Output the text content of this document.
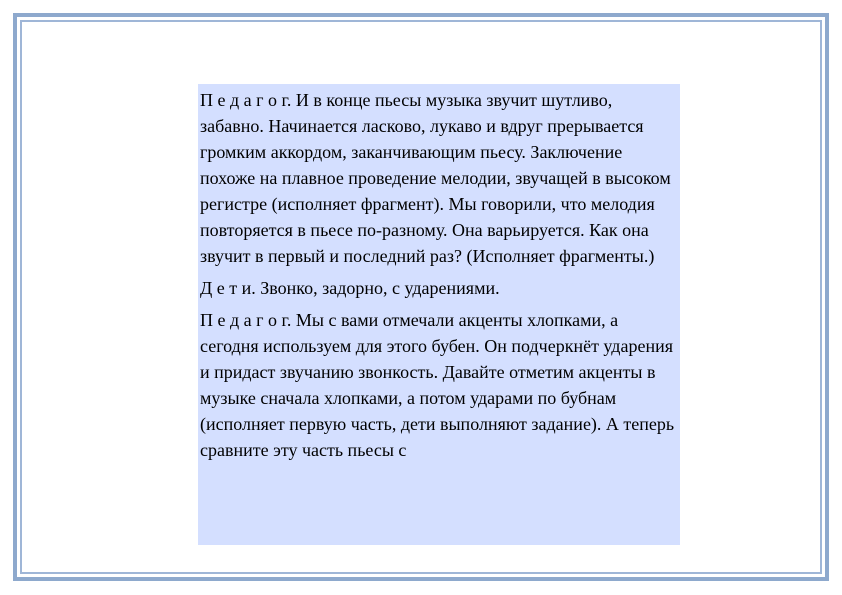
П е д а г о г. И в конце пьесы музыка звучит шутливо, забавно. Начинается ласково, лукаво и вдруг прерывается громким аккордом, заканчивающим пьесу. Заключение похоже на плавное проведение мелодии, звучащей в высоком регистре (исполняет фрагмент). Мы говорили, что мелодия повторяется в пьесе по-разному. Она варьируется. Как она звучит в первый и последний раз? (Исполняет фрагменты.)

Д е т и. Звонко, задорно, с ударениями.

П е д а г о г. Мы с вами отмечали акценты хлопками, а сегодня используем для этого бубен. Он подчеркнёт ударения и придаст звучанию звонкость. Давайте отметим акценты в музыке сначала хлопками, а потом ударами по бубнам (исполняет первую часть, дети выполняют задание). А теперь сравните эту часть пьесы с
